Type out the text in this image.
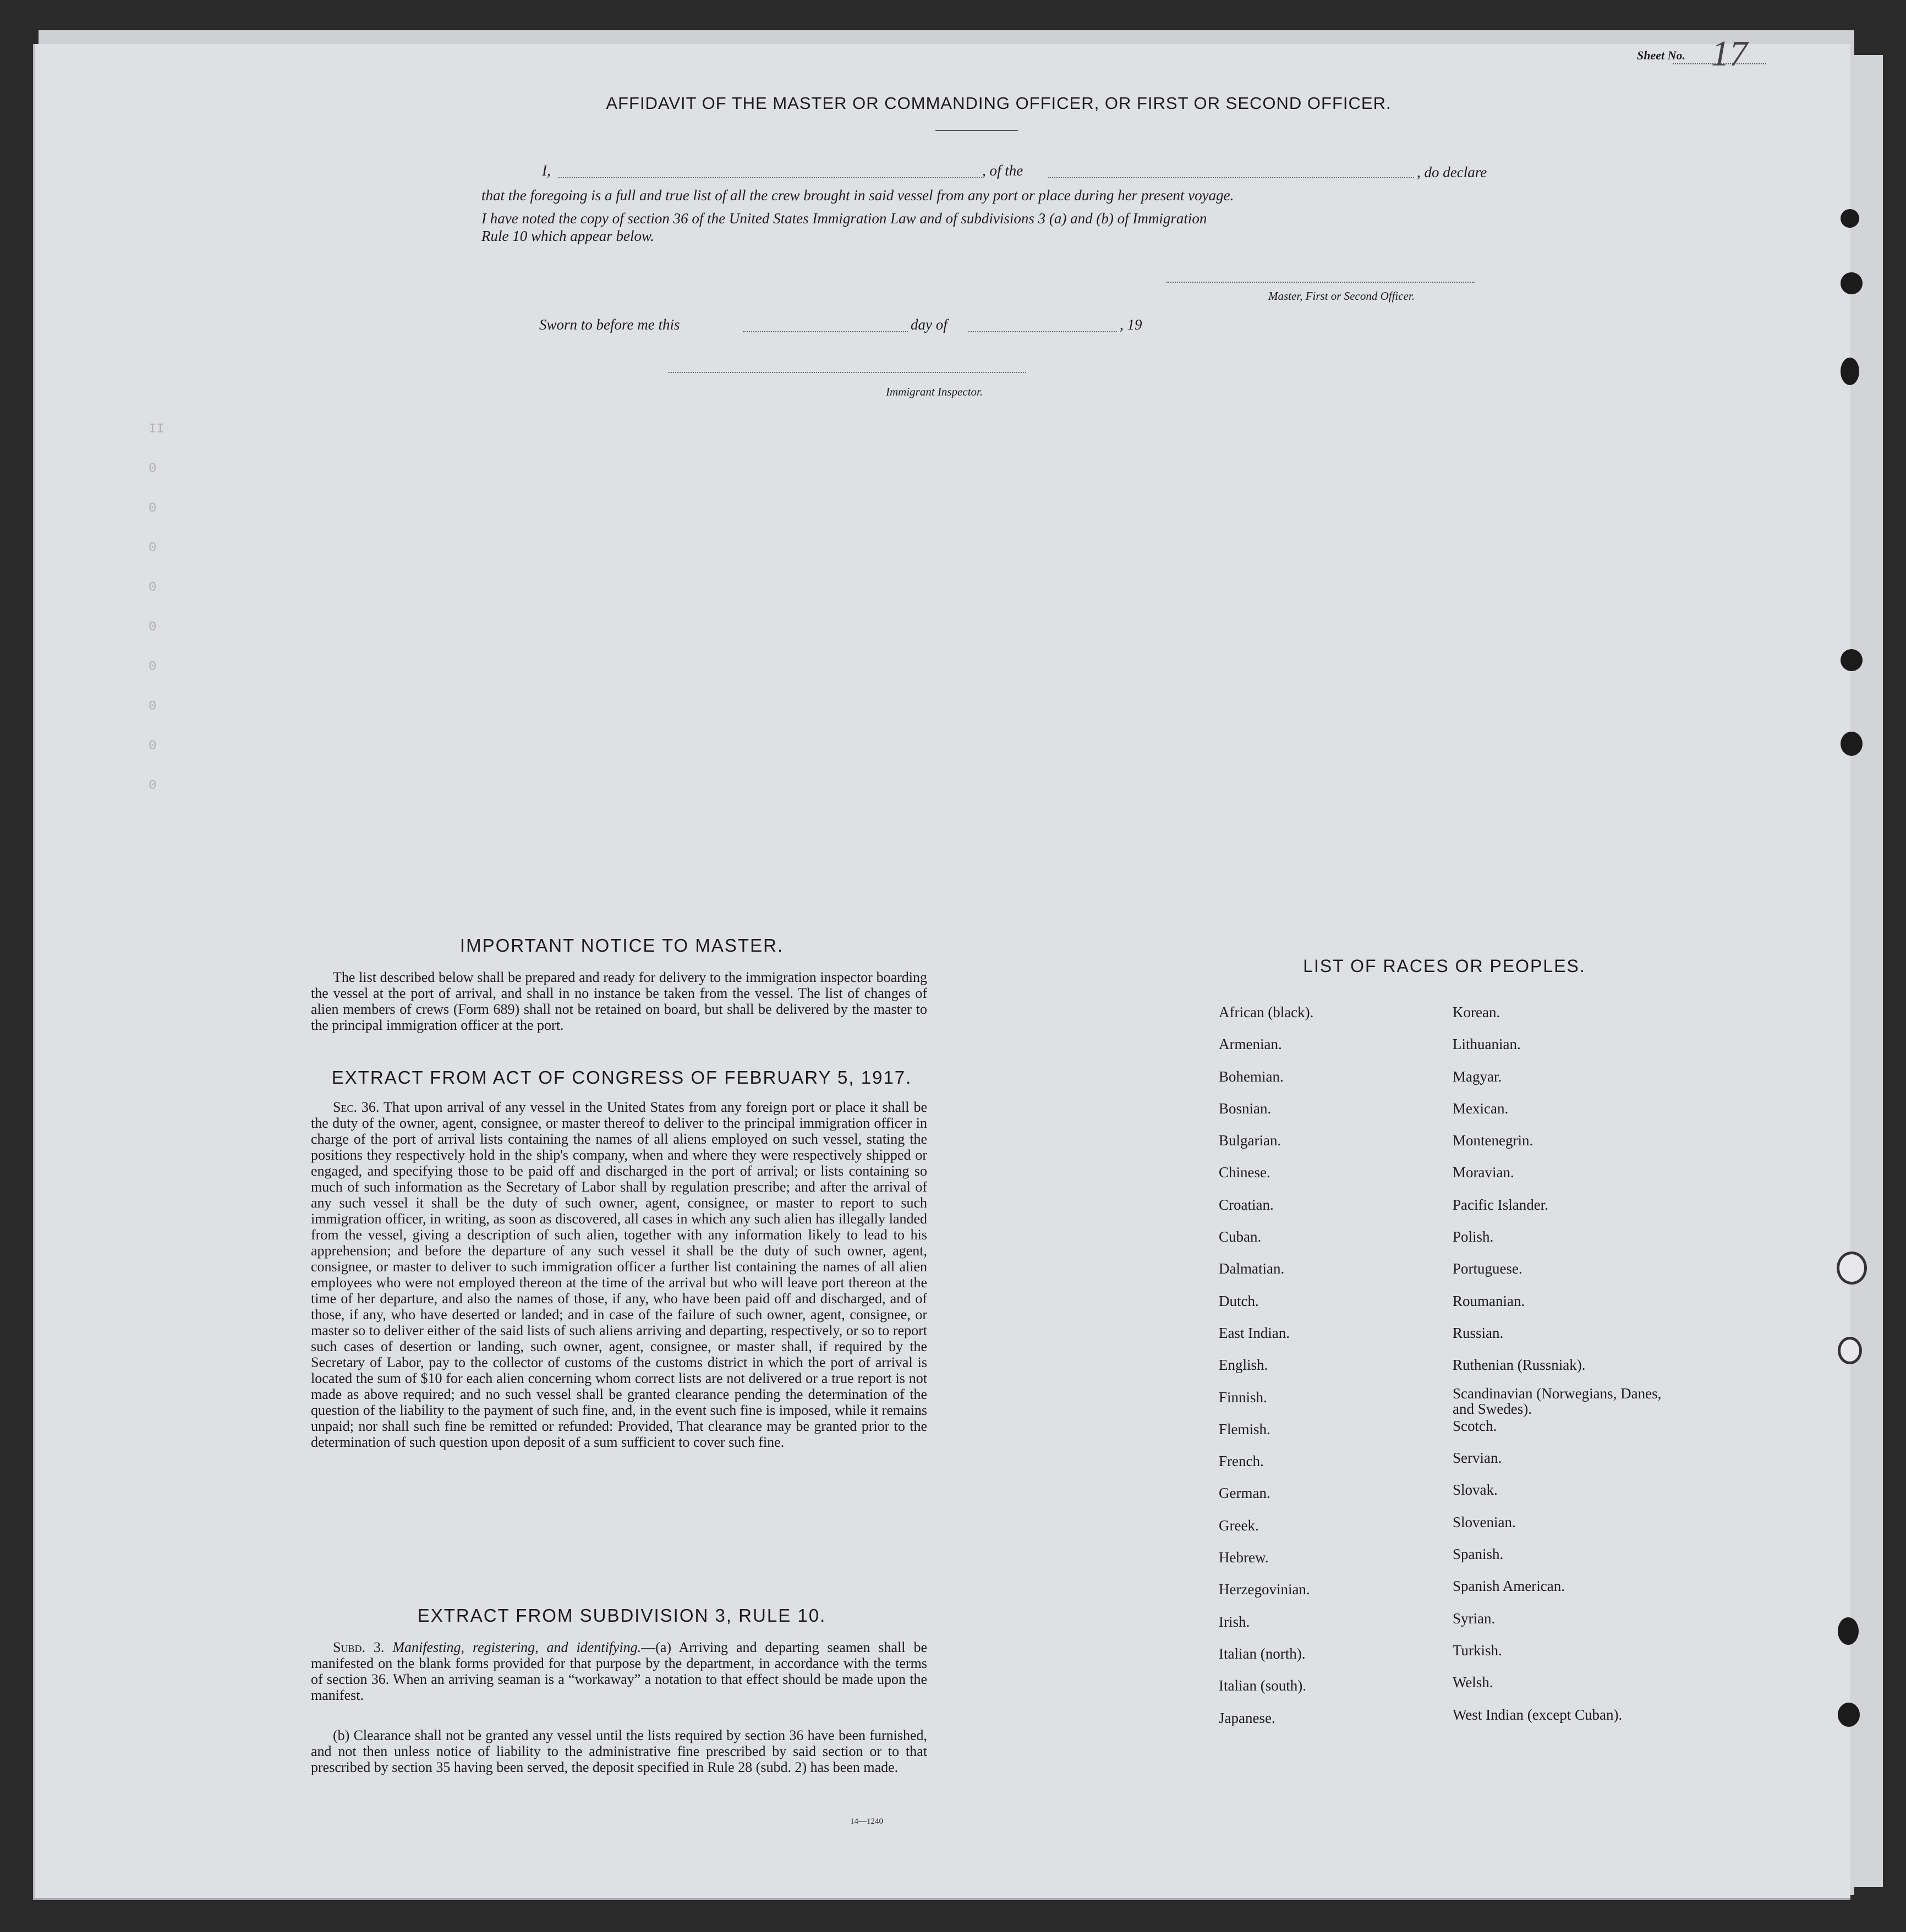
Sheet No. 17
II
0
0
0
0
0
0
0
0
0
AFFIDAVIT OF THE MASTER OR COMMANDING OFFICER, OR FIRST OR SECOND OFFICER.
I,	, of the	, do declare
that the foregoing is a full and true list of all the crew brought in said vessel from any port or place during her present voyage.
I have noted the copy of section 36 of the United States Immigration Law and of subdivisions 3 (a) and (b) of Immigration
Rule 10 which appear below.
Master, First or Second Officer.
Sworn to before me this	day of	, 19
Immigrant Inspector.
IMPORTANT NOTICE TO MASTER.
The list described below shall be prepared and ready for delivery to the immigration inspector boarding the vessel at the port of arrival, and shall in no instance be taken from the vessel. The list of changes of alien members of crews (Form 689) shall not be retained on board, but shall be delivered by the master to the principal immigration officer at the port.
EXTRACT FROM ACT OF CONGRESS OF FEBRUARY 5, 1917.
Sec. 36. That upon arrival of any vessel in the United States from any foreign port or place it shall be the duty of the owner, agent, consignee, or master thereof to deliver to the principal immigration officer in charge of the port of arrival lists containing the names of all aliens employed on such vessel, stating the positions they respectively hold in the ship's company, when and where they were respectively shipped or engaged, and specifying those to be paid off and discharged in the port of arrival; or lists containing so much of such information as the Secretary of Labor shall by regulation prescribe; and after the arrival of any such vessel it shall be the duty of such owner, agent, consignee, or master to report to such immigration officer, in writing, as soon as discovered, all cases in which any such alien has illegally landed from the vessel, giving a description of such alien, together with any information likely to lead to his apprehension; and before the departure of any such vessel it shall be the duty of such owner, agent, consignee, or master to deliver to such immigration officer a further list containing the names of all alien employees who were not employed thereon at the time of the arrival but who will leave port thereon at the time of her departure, and also the names of those, if any, who have been paid off and discharged, and of those, if any, who have deserted or landed; and in case of the failure of such owner, agent, consignee, or master so to deliver either of the said lists of such aliens arriving and departing, respectively, or so to report such cases of desertion or landing, such owner, agent, consignee, or master shall, if required by the Secretary of Labor, pay to the collector of customs of the customs district in which the port of arrival is located the sum of $10 for each alien concerning whom correct lists are not delivered or a true report is not made as above required; and no such vessel shall be granted clearance pending the determination of the question of the liability to the payment of such fine, and, in the event such fine is imposed, while it remains unpaid; nor shall such fine be remitted or refunded: Provided, That clearance may be granted prior to the determination of such question upon deposit of a sum sufficient to cover such fine.
EXTRACT FROM SUBDIVISION 3, RULE 10.
Subd. 3. Manifesting, registering, and identifying.—(a) Arriving and departing seamen shall be manifested on the blank forms provided for that purpose by the department, in accordance with the terms of section 36. When an arriving seaman is a “workaway” a notation to that effect should be made upon the manifest.
(b) Clearance shall not be granted any vessel until the lists required by section 36 have been furnished, and not then unless notice of liability to the administrative fine prescribed by said section or to that prescribed by section 35 having been served, the deposit specified in Rule 28 (subd. 2) has been made.
14—1240
LIST OF RACES OR PEOPLES.
African (black).
Armenian.
Bohemian.
Bosnian.
Bulgarian.
Chinese.
Croatian.
Cuban.
Dalmatian.
Dutch.
East Indian.
English.
Finnish.
Flemish.
French.
German.
Greek.
Hebrew.
Herzegovinian.
Irish.
Italian (north).
Italian (south).
Japanese.
Korean.
Lithuanian.
Magyar.
Mexican.
Montenegrin.
Moravian.
Pacific Islander.
Polish.
Portuguese.
Roumanian.
Russian.
Ruthenian (Russniak).
Scandinavian (Norwegians, Danes, and Swedes).
Scotch.
Servian.
Slovak.
Slovenian.
Spanish.
Spanish American.
Syrian.
Turkish.
Welsh.
West Indian (except Cuban).
